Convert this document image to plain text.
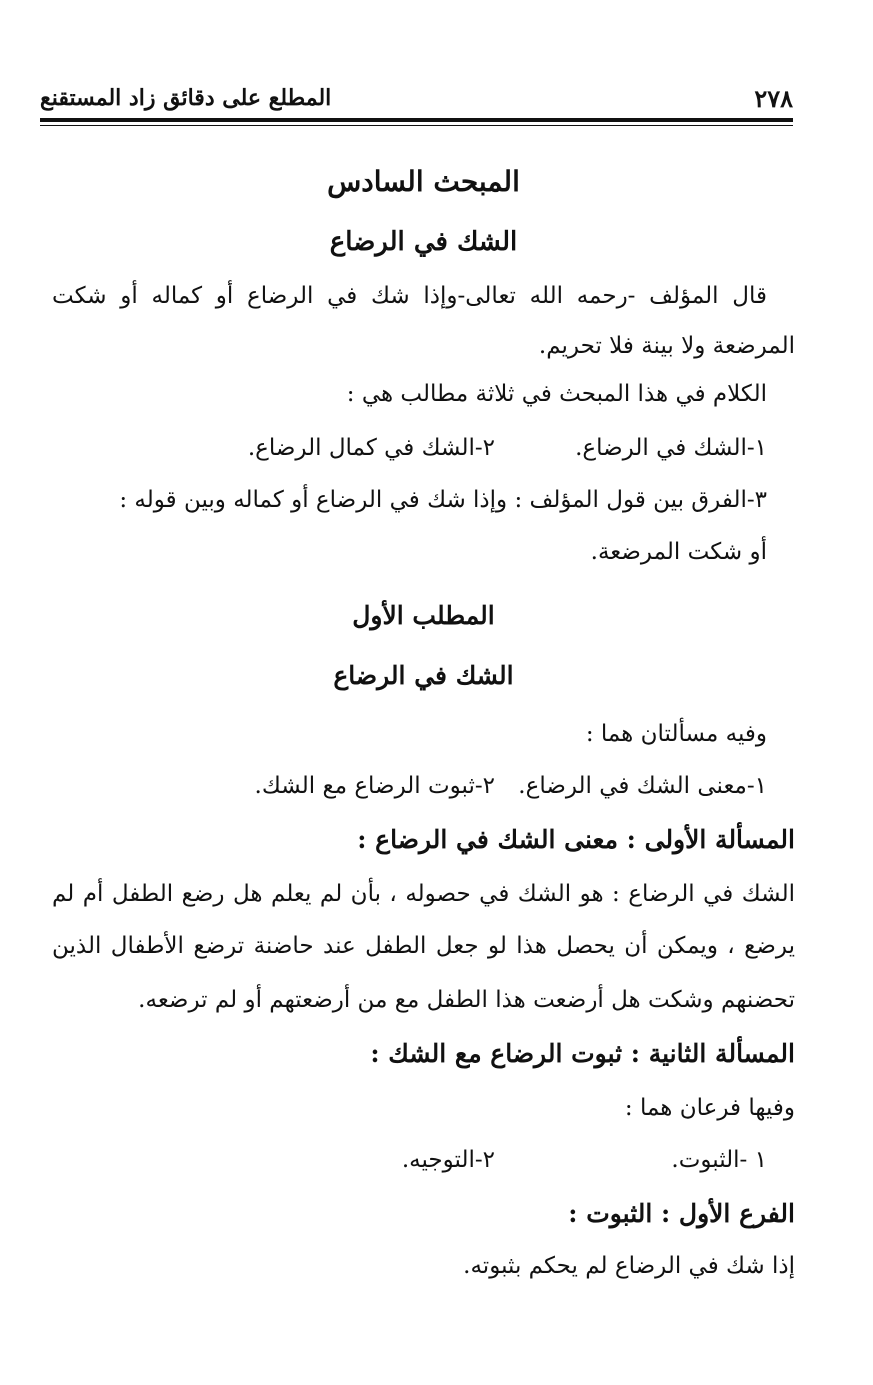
٢٧٨
المطلع على دقائق زاد المستقنع
المبحث السادس
الشك في الرضاع
قال المؤلف -رحمه الله تعالى-وإذا شك في الرضاع أو كماله أو شكت
المرضعة ولا بينة فلا تحريم.
الكلام في هذا المبحث في ثلاثة مطالب هي :
١-الشك في الرضاع.
٢-الشك في كمال الرضاع.
٣-الفرق بين قول المؤلف : وإذا شك في الرضاع أو كماله وبين قوله :
أو شكت المرضعة.
المطلب الأول
الشك في الرضاع
وفيه مسألتان هما :
١-معنى الشك في الرضاع.
٢-ثبوت الرضاع مع الشك.
المسألة الأولى : معنى الشك في الرضاع :
الشك في الرضاع : هو الشك في حصوله ، بأن لم يعلم هل رضع الطفل أم لم
يرضع ، ويمكن أن يحصل هذا لو جعل الطفل عند حاضنة ترضع الأطفال الذين
تحضنهم وشكت هل أرضعت هذا الطفل مع من أرضعتهم أو لم ترضعه.
المسألة الثانية : ثبوت الرضاع مع الشك :
وفيها فرعان هما :
١ -الثبوت.
٢-التوجيه.
الفرع الأول : الثبوت :
إذا شك في الرضاع لم يحكم بثبوته.
